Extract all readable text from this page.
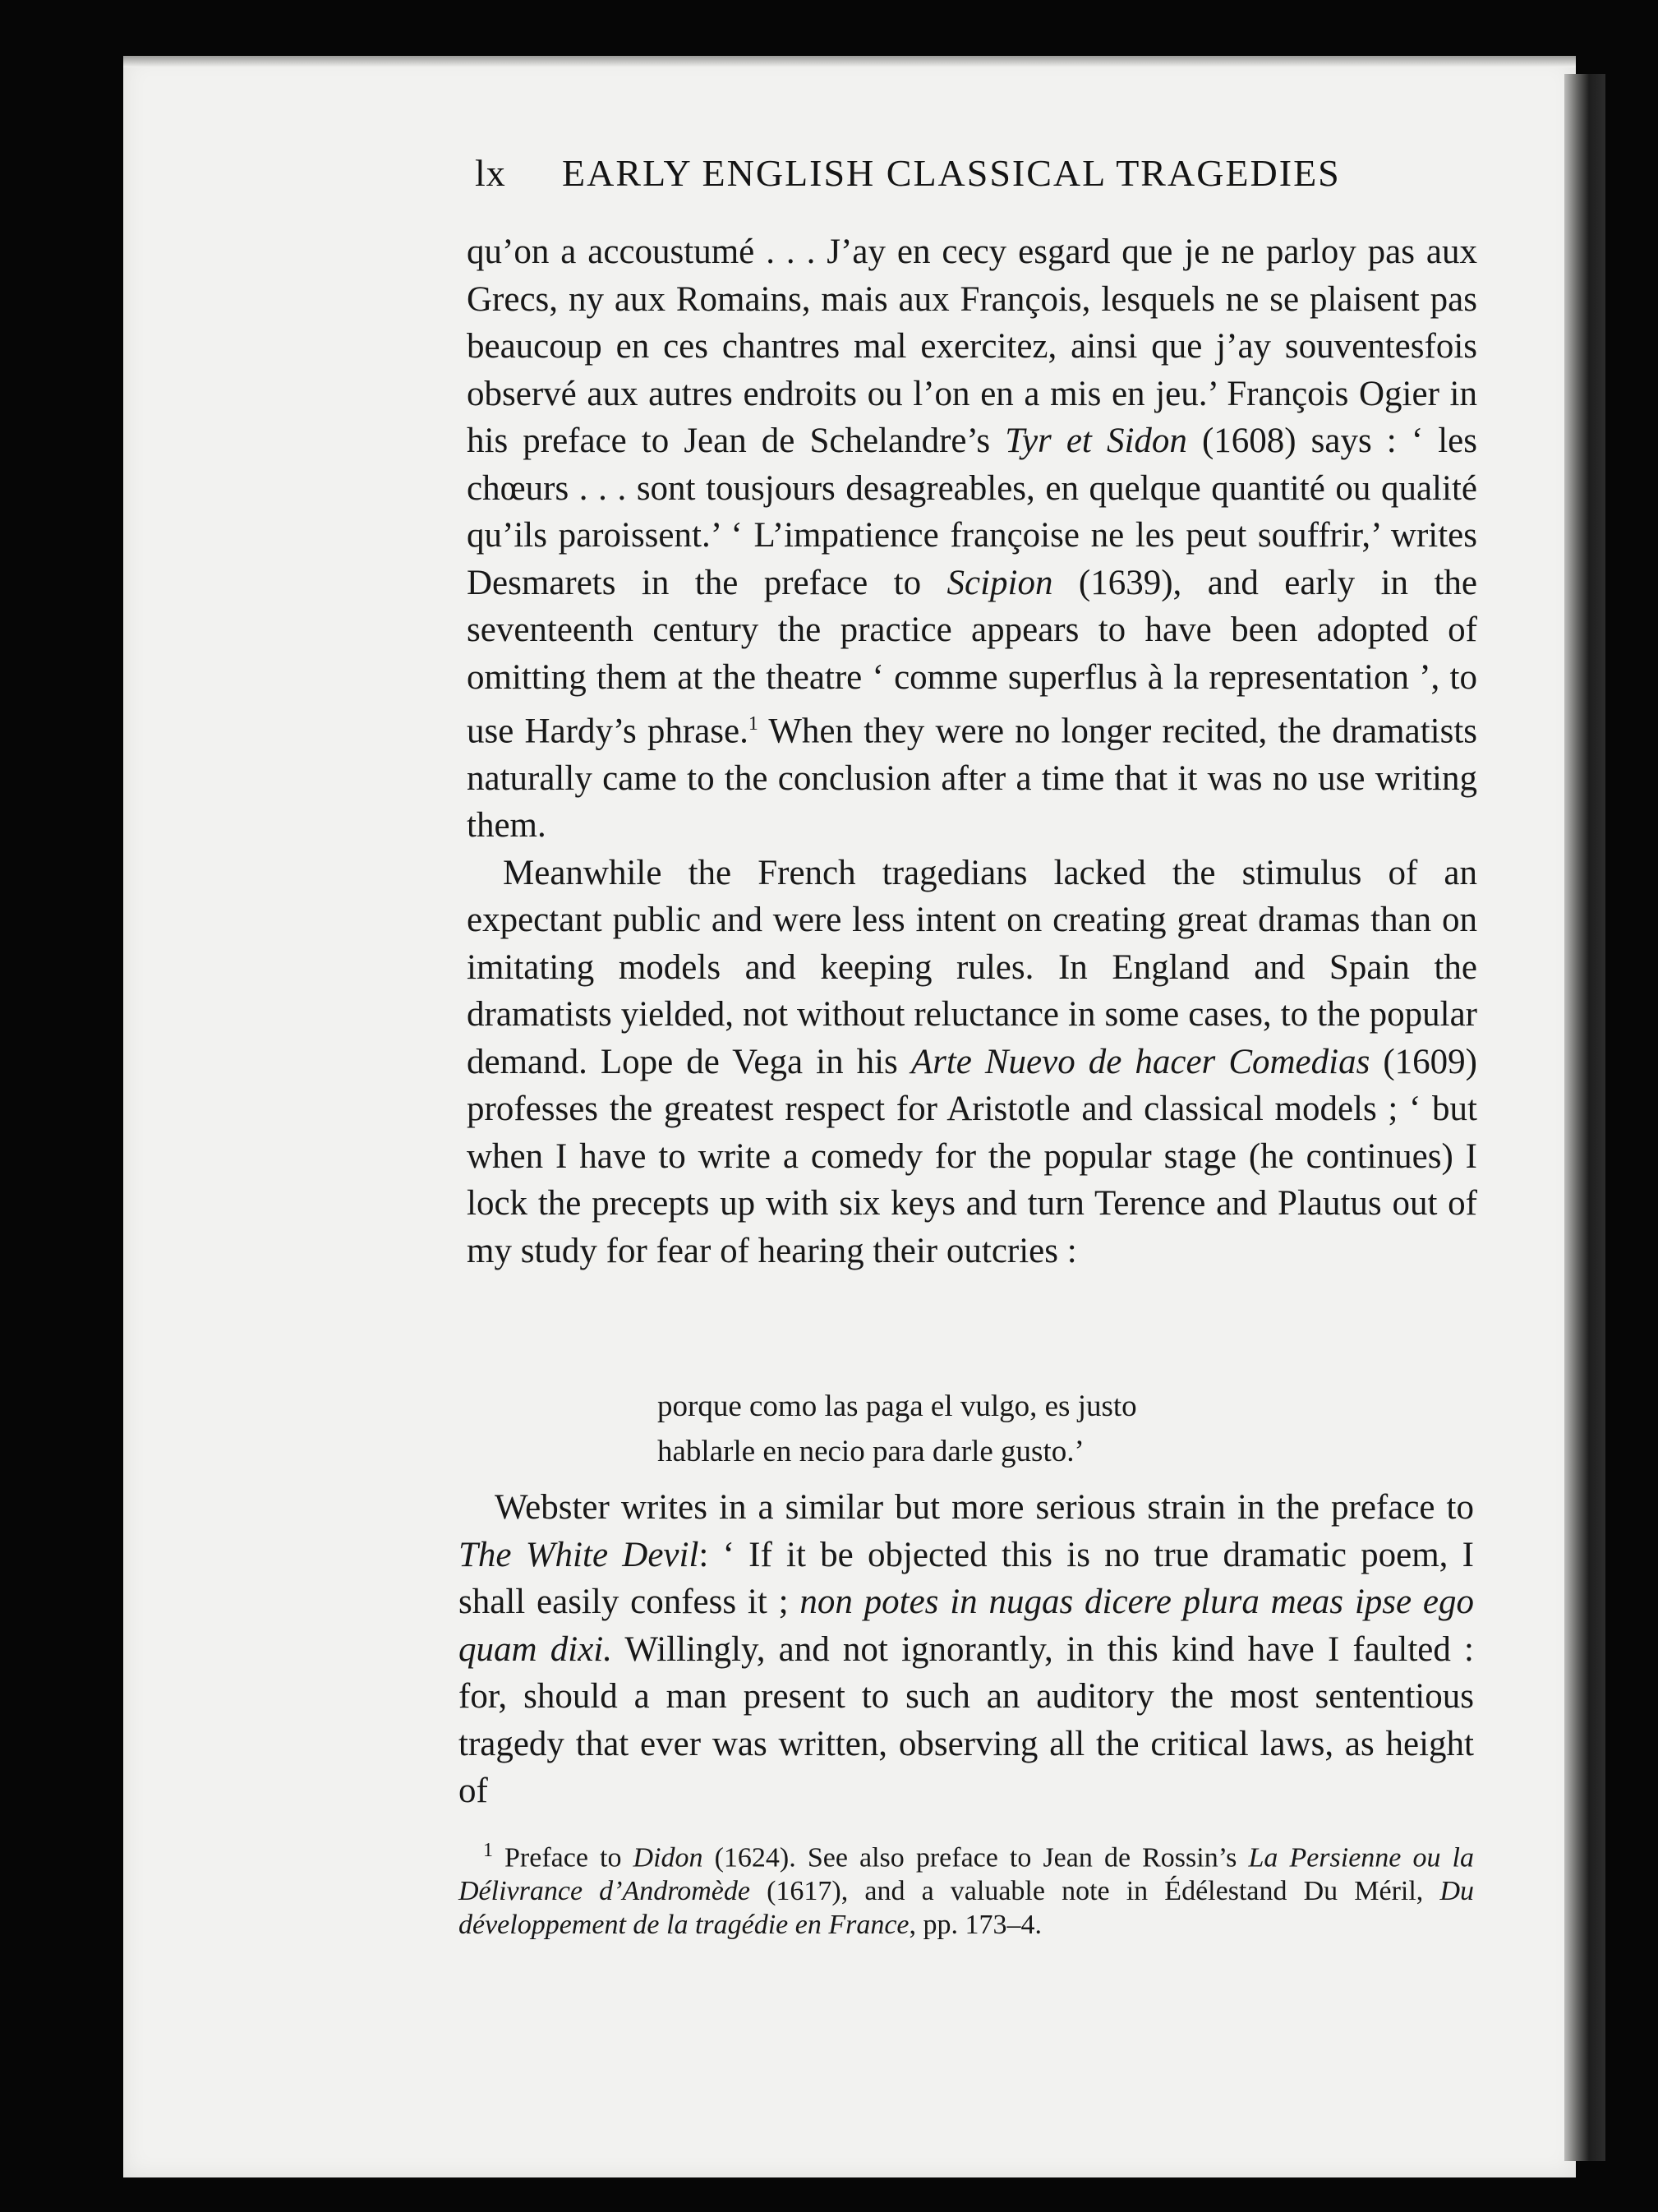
lx EARLY ENGLISH CLASSICAL TRAGEDIES

qu’on a accoustumé . . . J’ay en cecy esgard que je ne parloy pas aux Grecs, ny aux Romains, mais aux François, lesquels ne se plaisent pas beaucoup en ces chantres mal exercitez, ainsi que j’ay souventesfois observé aux autres endroits ou l’on en a mis en jeu.’ François Ogier in his preface to Jean de Schelandre’s Tyr et Sidon (1608) says : ‘ les chœurs . . . sont tousjours desagreables, en quelque quantité ou qualité qu’ils paroissent.’ ‘ L’impatience françoise ne les peut souffrir,’ writes Desmarets in the preface to Scipion (1639), and early in the seventeenth century the practice appears to have been adopted of omitting them at the theatre ‘ comme superflus à la representation ’, to use Hardy’s phrase.$^1$ When they were no longer recited, the dramatists naturally came to the conclusion after a time that it was no use writing them.

Meanwhile the French tragedians lacked the stimulus of an expectant public and were less intent on creating great dramas than on imitating models and keeping rules. In England and Spain the dramatists yielded, not without reluctance in some cases, to the popular demand. Lope de Vega in his Arte Nuevo de hacer Comedias (1609) professes the greatest respect for Aristotle and classical models ; ‘ but when I have to write a comedy for the popular stage (he continues) I lock the precepts up with six keys and turn Terence and Plautus out of my study for fear of hearing their outcries :

porque como las paga el vulgo, es justo
hablarle en necio para darle gusto.’

Webster writes in a similar but more serious strain in the preface to The White Devil: ‘ If it be objected this is no true dramatic poem, I shall easily confess it ; non potes in nugas dicere plura meas ipse ego quam dixi. Willingly, and not ignorantly, in this kind have I faulted : for, should a man present to such an auditory the most sententious tragedy that ever was written, observing all the critical laws, as height of

$^1$ Preface to Didon (1624). See also preface to Jean de Rossin’s La Persienne ou la Délivrance d’Andromède (1617), and a valuable note in Édélestand Du Méril, Du développement de la tragédie en France, pp. 173–4.
